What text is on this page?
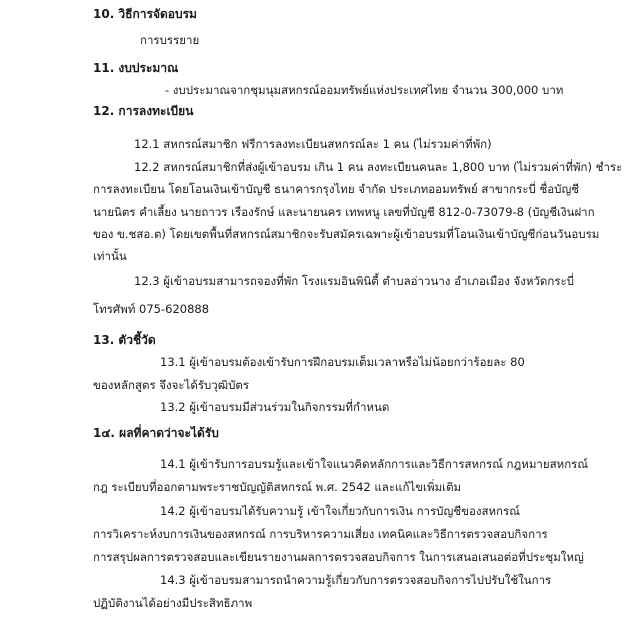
10. วิธีการจัดอบรม
การบรรยาย
11. งบประมาณ
- งบประมาณจากชุมนุมสหกรณ์ออมทรัพย์แห่งประเทศไทย จำนวน 300,000 บาท
12. การลงทะเบียน
12.1 สหกรณ์สมาชิก ฟรีการลงทะเบียนสหกรณ์ละ 1 คน (ไม่รวมค่าที่พัก)
12.2 สหกรณ์สมาชิกที่ส่งผู้เข้าอบรม เกิน 1 คน ลงทะเบียนคนละ 1,800 บาท (ไม่รวมค่าที่พัก) ชำระ
การลงทะเบียน โดยโอนเงินเข้าบัญชี ธนาคารกรุงไทย จำกัด ประเภทออมทรัพย์ สาขากระบี่ ชื่อบัญชี
นายนิตร คำเลี้ยง นายถาวร เรืองรักษ์ และนายนคร เทพหนู เลขที่บัญชี 812-0-73079-8 (บัญชีเงินฝาก
ของ ข.ชสอ.ต) โดยเขตพื้นที่สหกรณ์สมาชิกจะรับสมัครเฉพาะผู้เข้าอบรมที่โอนเงินเข้าบัญชีก่อนวันอบรม
เท่านั้น
12.3 ผู้เข้าอบรมสามารถจองที่พัก โรงแรมอินพินิตี้ ตำบลอ่าวนาง อำเภอเมือง จังหวัดกระบี่
โทรศัพท์ 075-620888
13. ตัวชี้วัด
13.1 ผู้เข้าอบรมต้องเข้ารับการฝึกอบรมเต็มเวลาหรือไม่น้อยกว่าร้อยละ 80
ของหลักสูตร จึงจะได้รับวุฒิบัตร
13.2 ผู้เข้าอบรมมีส่วนร่วมในกิจกรรมที่กำหนด
1๔. ผลที่คาดว่าจะได้รับ
14.1 ผู้เข้ารับการอบรมรู้และเข้าใจแนวคิดหลักการและวิธีการสหกรณ์ กฎหมายสหกรณ์
กฎ ระเบียบที่ออกตามพระราชบัญญัติสหกรณ์ พ.ศ. 2542 และแก้ไขเพิ่มเติม
14.2 ผู้เข้าอบรมได้รับความรู้ เข้าใจเกี่ยวกับการเงิน การบัญชีของสหกรณ์
การวิเคราะห์งบการเงินของสหกรณ์ การบริหารความเสี่ยง เทคนิคและวิธีการตรวจสอบกิจการ
การสรุปผลการตรวจสอบและเขียนรายงานผลการตรวจสอบกิจการ ในการเสนอเสนอต่อที่ประชุมใหญ่
14.3 ผู้เข้าอบรมสามารถนำความรู้เกี่ยวกับการตรวจสอบกิจการไปปรับใช้ในการ
ปฏิบัติงานได้อย่างมีประสิทธิภาพ
